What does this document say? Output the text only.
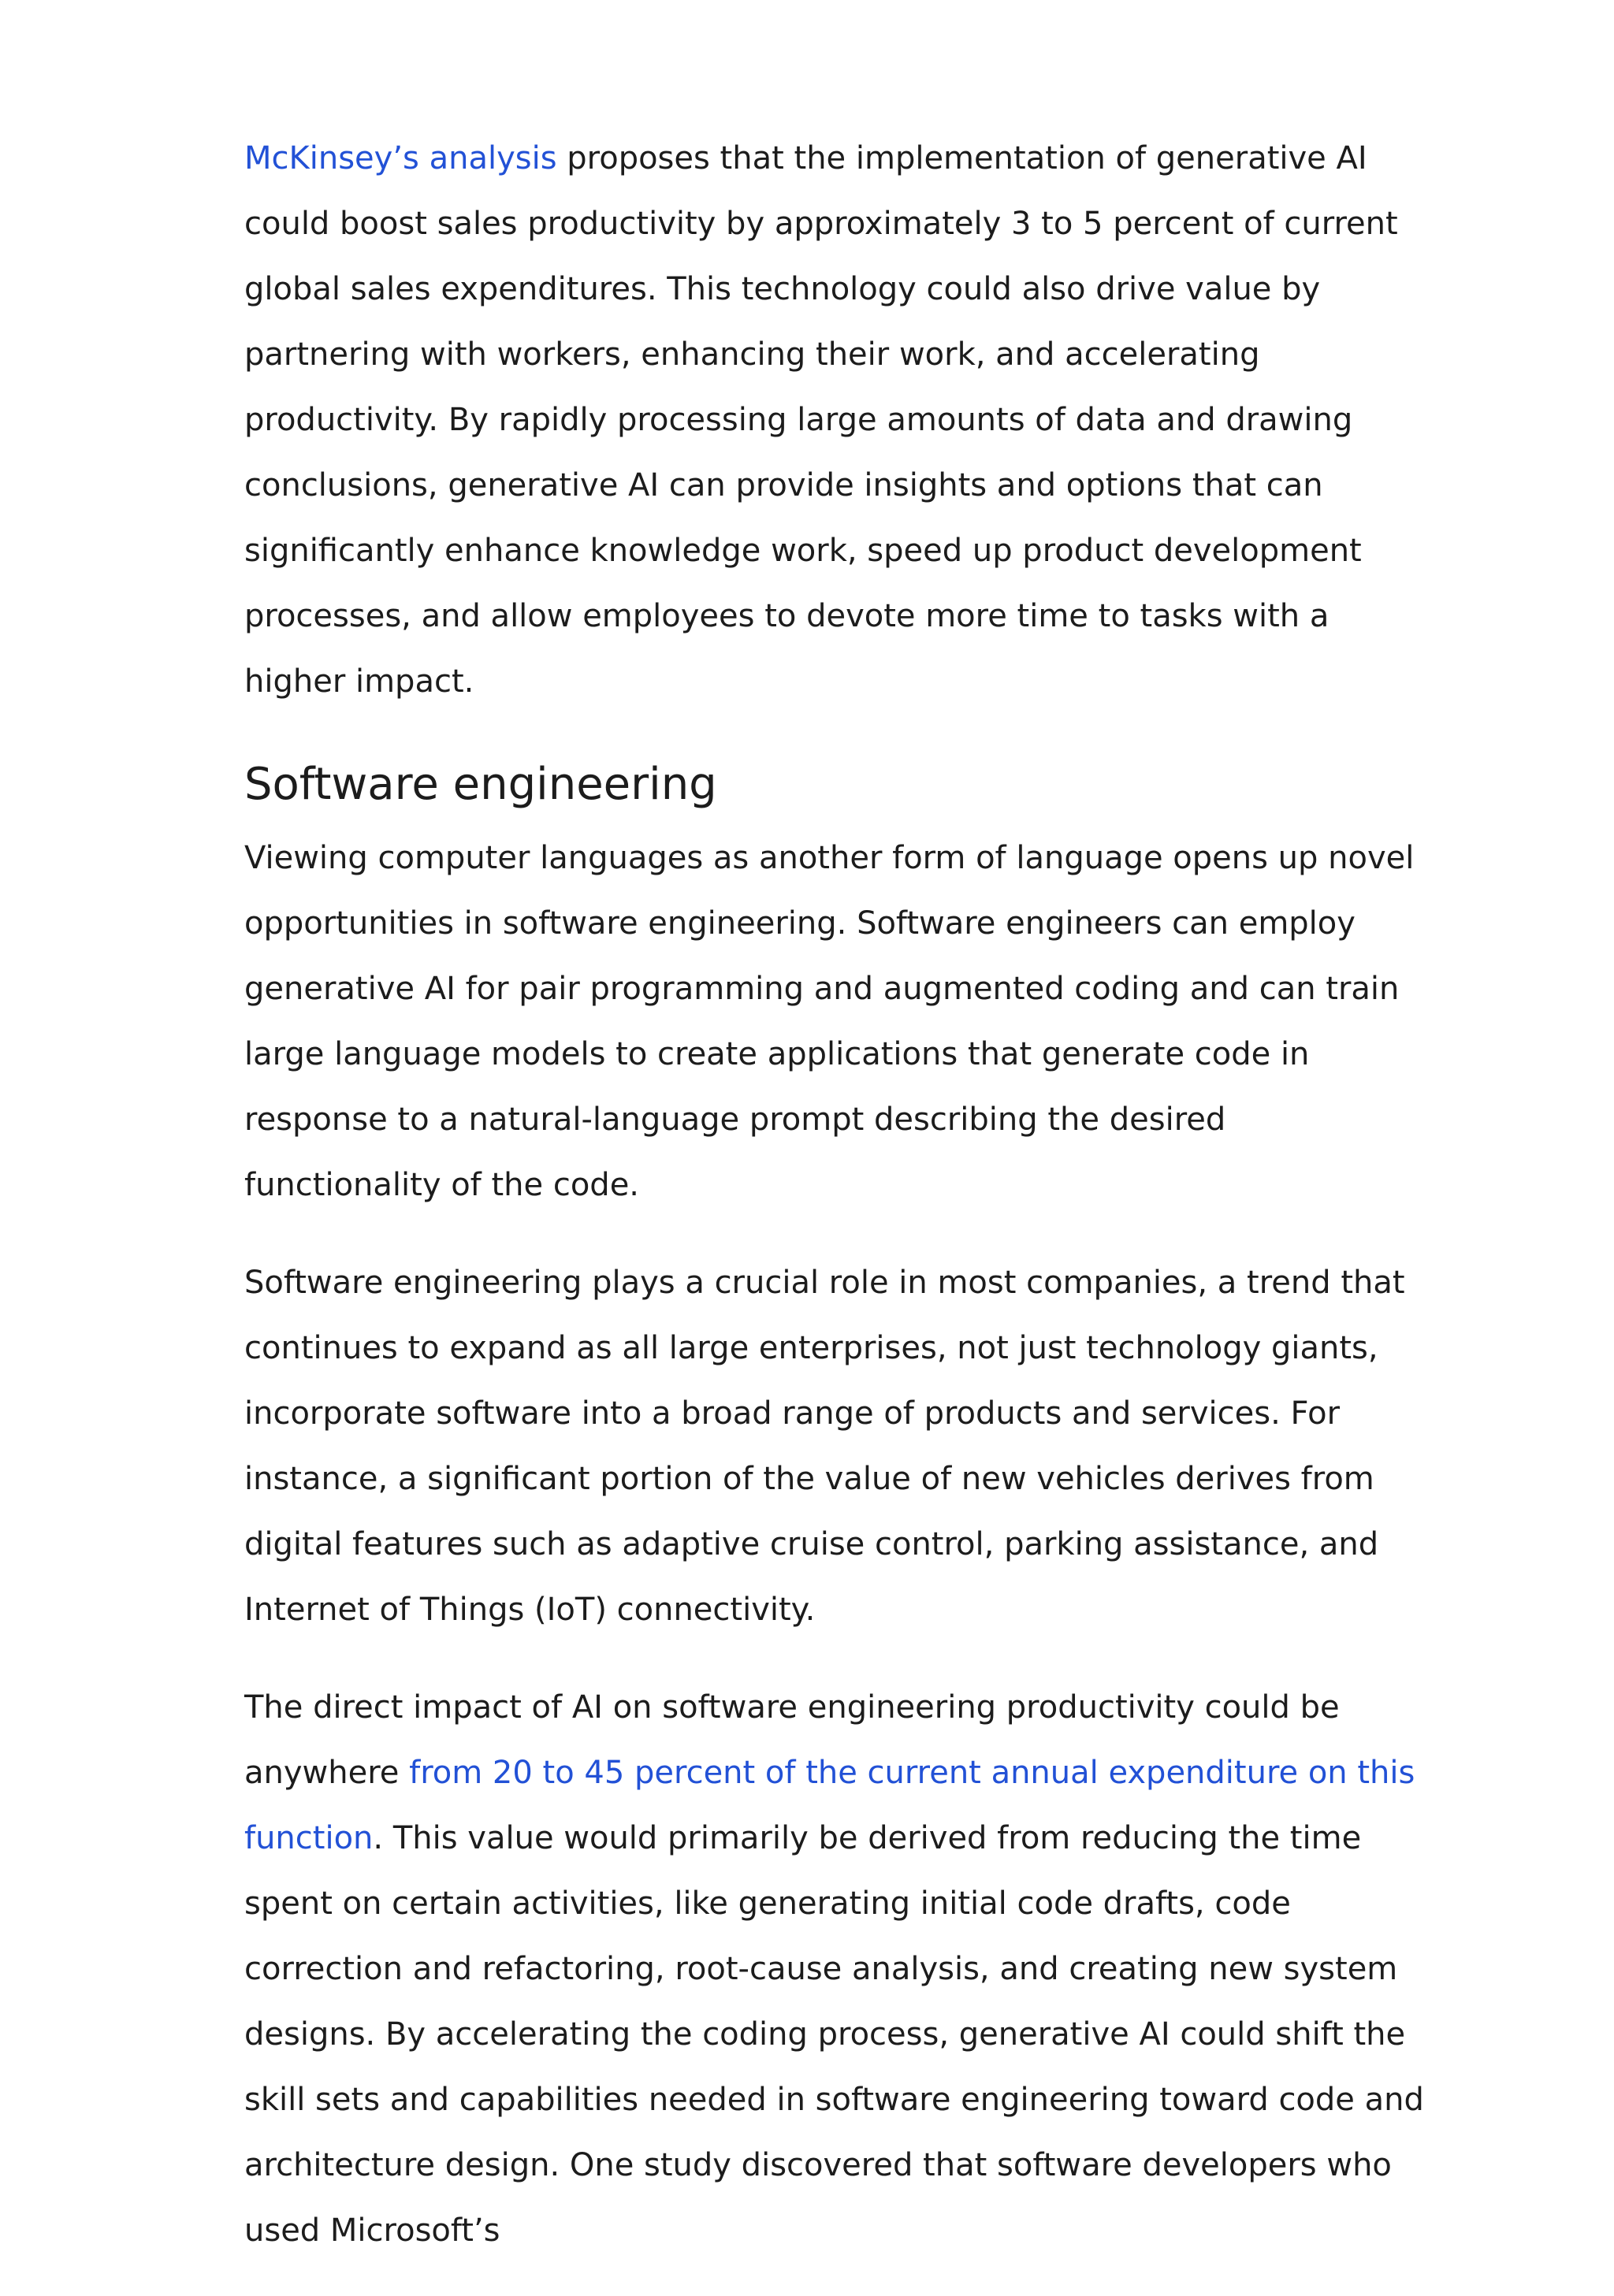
McKinsey’s analysis proposes that the implementation of generative AI could boost sales productivity by approximately 3 to 5 percent of current global sales expenditures. This technology could also drive value by partnering with workers, enhancing their work, and accelerating productivity. By rapidly processing large amounts of data and drawing conclusions, generative AI can provide insights and options that can significantly enhance knowledge work, speed up product development processes, and allow employees to devote more time to tasks with a higher impact.

Software engineering

Viewing computer languages as another form of language opens up novel opportunities in software engineering. Software engineers can employ generative AI for pair programming and augmented coding and can train large language models to create applications that generate code in response to a natural-language prompt describing the desired functionality of the code.

Software engineering plays a crucial role in most companies, a trend that continues to expand as all large enterprises, not just technology giants, incorporate software into a broad range of products and services. For instance, a significant portion of the value of new vehicles derives from digital features such as adaptive cruise control, parking assistance, and Internet of Things (IoT) connectivity.

The direct impact of AI on software engineering productivity could be anywhere from 20 to 45 percent of the current annual expenditure on this function. This value would primarily be derived from reducing the time spent on certain activities, like generating initial code drafts, code correction and refactoring, root-cause analysis, and creating new system designs. By accelerating the coding process, generative AI could shift the skill sets and capabilities needed in software engineering toward code and architecture design. One study discovered that software developers who used Microsoft’s
